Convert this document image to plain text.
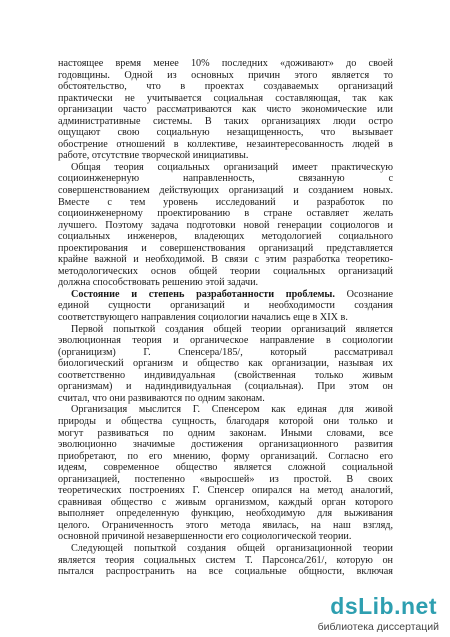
настоящее время менее 10% последних «доживают» до своей
годовщины. Одной из основных причин этого является то
обстоятельство, что в проектах создаваемых организаций
практически не учитывается социальная составляющая, так как
организации часто рассматриваются как чисто экономические или
административные системы. В таких организациях люди остро
ощущают свою социальную незащищенность, что вызывает
обострение отношений в коллективе, незаинтересованность людей в
работе, отсутствие творческой инициативы.
Общая теория социальных организаций имеет практическую
социоинженерную направленность, связанную с
совершенствованием действующих организаций и созданием новых.
Вместе с тем уровень исследований и разработок по
социоинженерному проектированию в стране оставляет желать
лучшего. Поэтому задача подготовки новой генерации социологов и
социальных инженеров, владеющих методологией социального
проектирования и совершенствования организаций представляется
крайне важной и необходимой. В связи с этим разработка теоретико-
методологических основ общей теории социальных организаций
должна способствовать решению этой задачи.
Состояние и степень разработанности проблемы. Осознание
единой сущности организаций и необходимости создания
соответствующего направления социологии начались еще в XIX в.
Первой попыткой создания общей теории организаций является
эволюционная теория и органическое направление в социологии
(органицизм) Г. Спенсера/185/, который рассматривал
биологический организм и общество как организации, называя их
соответственно индивидуальная (свойственная только живым
организмам) и надиндивидуальная (социальная). При этом он
считал, что они развиваются по одним законам.
Организация мыслится Г. Спенсером как единая для живой
природы и общества сущность, благодаря которой они только и
могут развиваться по одним законам. Иными словами, все
эволюционно значимые достижения организационного развития
приобретают, по его мнению, форму организаций. Согласно его
идеям, современное общество является сложной социальной
организацией, постепенно «выросшей» из простой. В своих
теоретических построениях Г. Спенсер опирался на метод аналогий,
сравнивая общество с живым организмом, каждый орган которого
выполняет определенную функцию, необходимую для выживания
целого. Ограниченность этого метода явилась, на наш взгляд,
основной причиной незавершенности его социологической теории.
Следующей попыткой создания общей организационной теории
является теория социальных систем Т. Парсонса/261/, которую он
пытался распространить на все социальные общности, включая
dsLib.net
библиотека диссертаций
